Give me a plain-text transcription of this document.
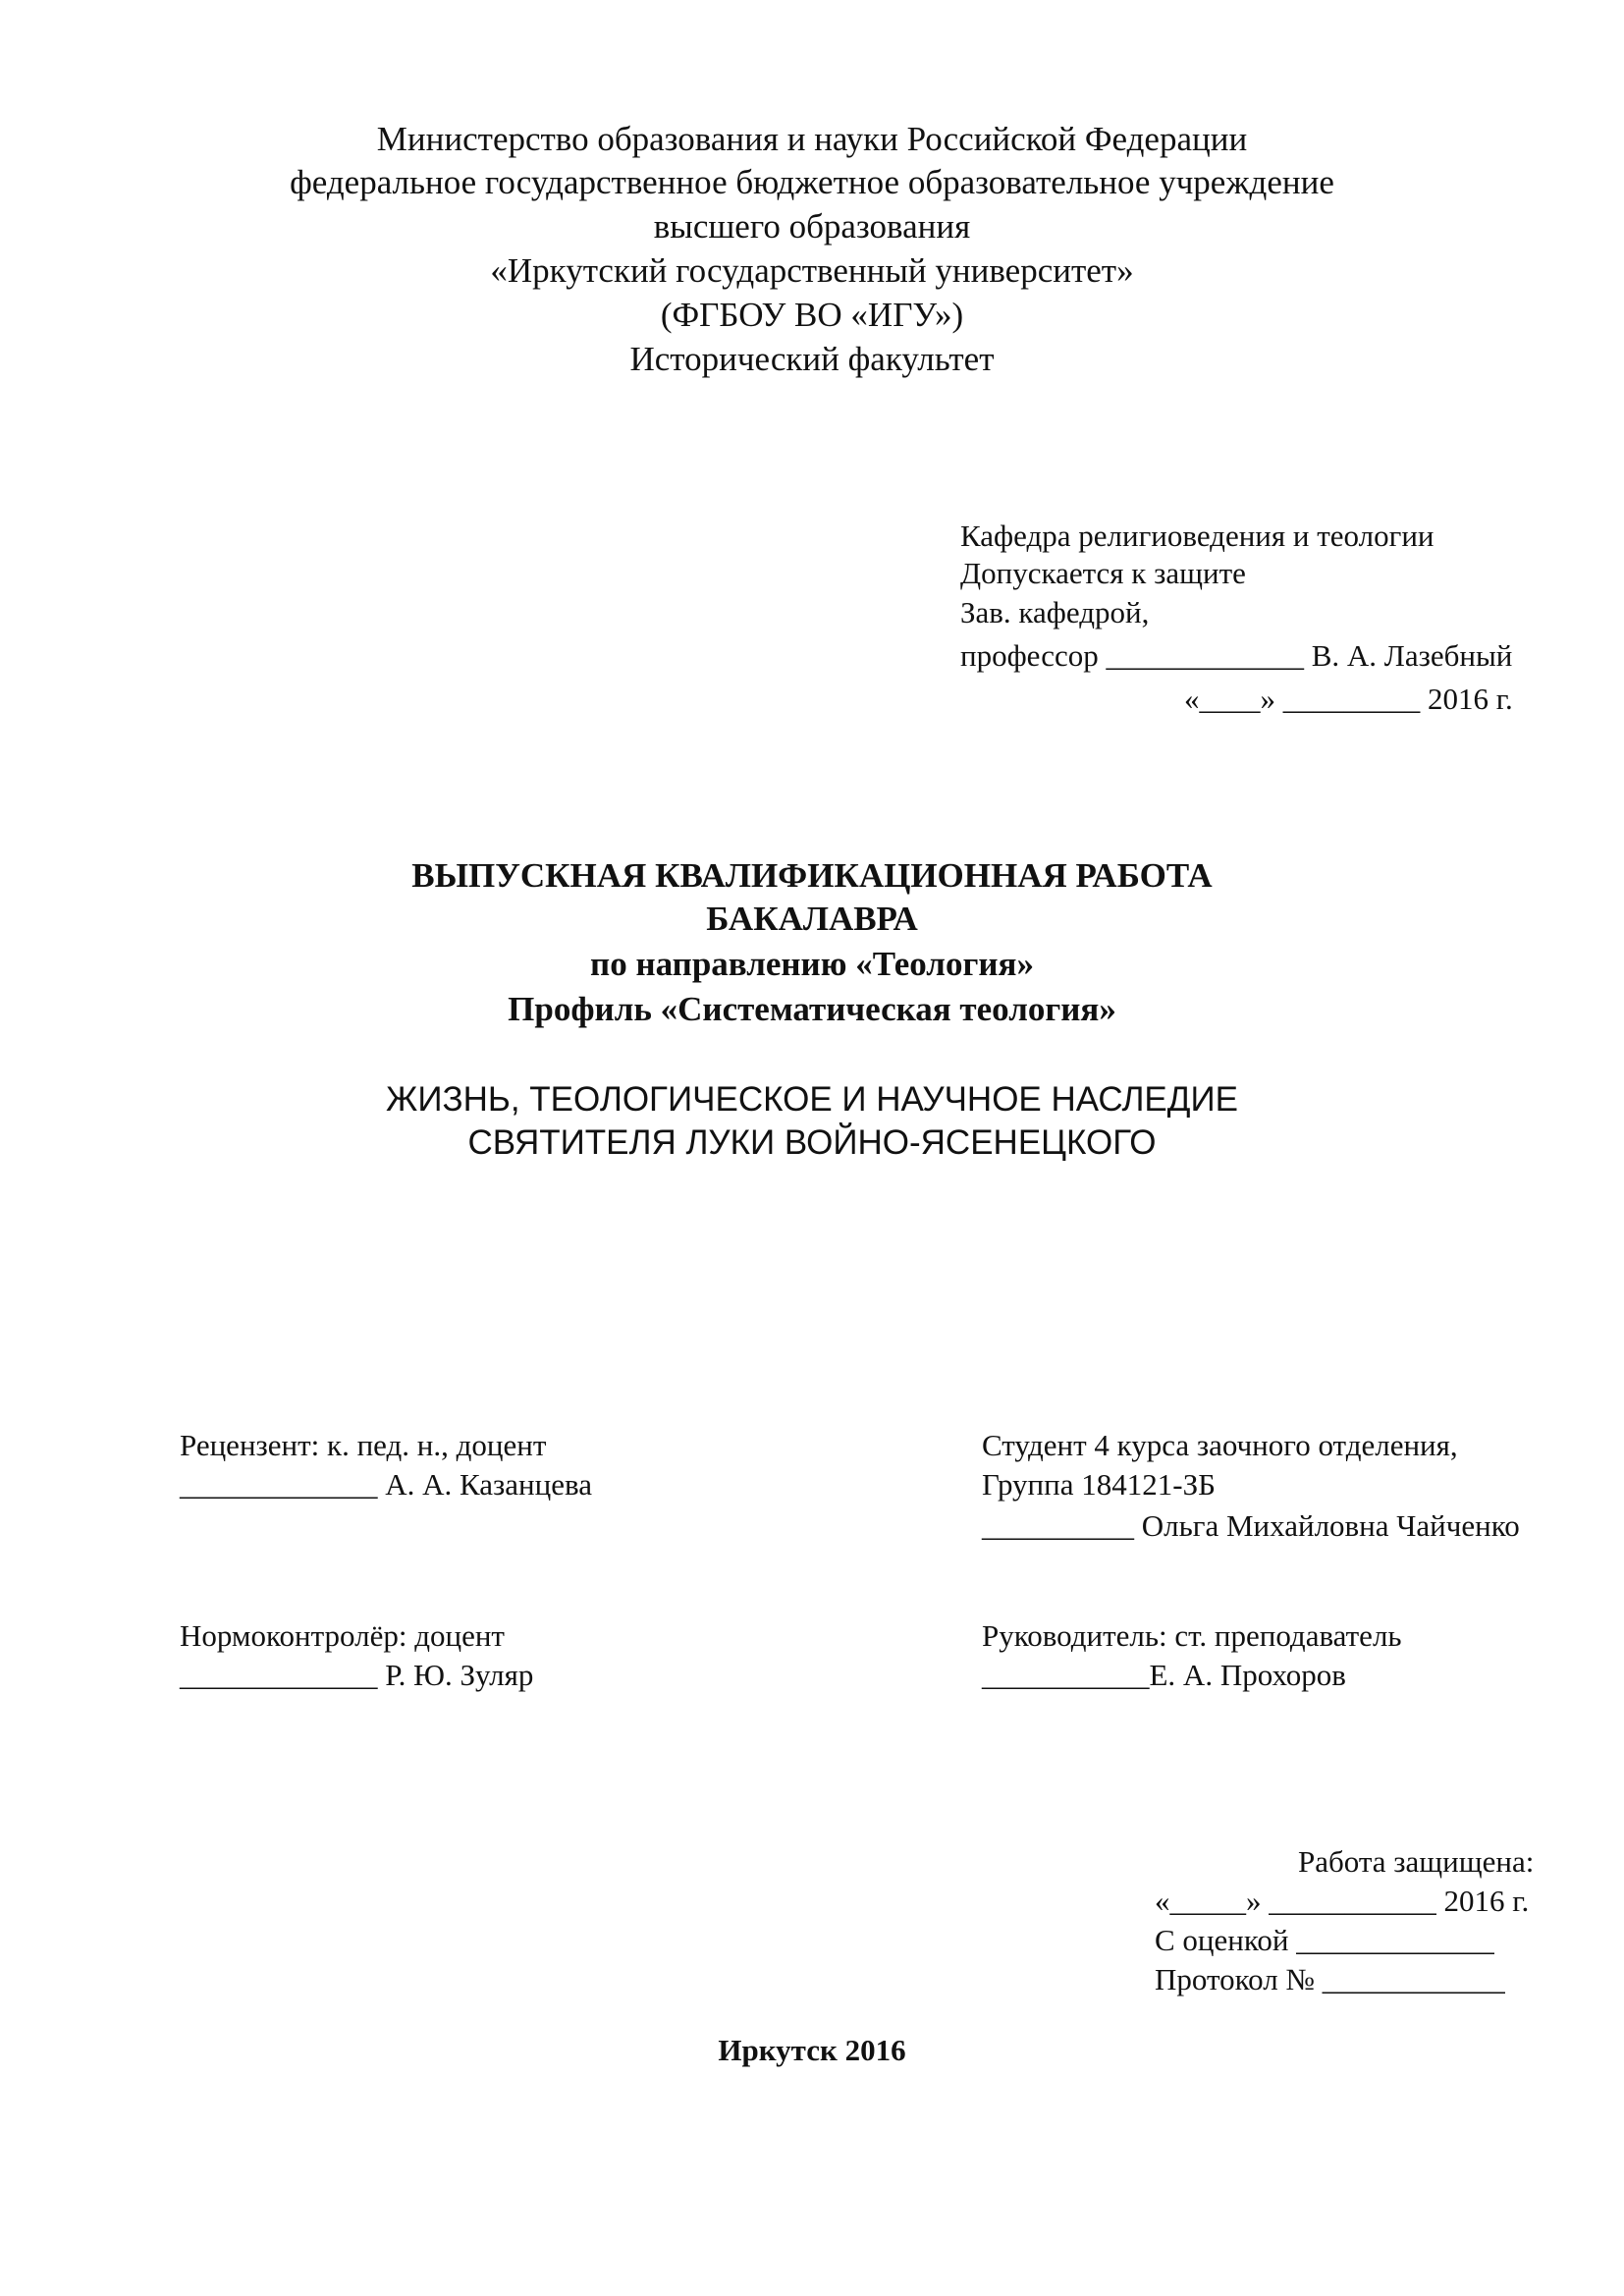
Министерство образования и науки Российской Федерации
федеральное государственное бюджетное образовательное учреждение
высшего образования
«Иркутский государственный университет»
(ФГБОУ ВО «ИГУ»)
Исторический факультет
Кафедра религиоведения и теологии
Допускается к защите
Зав. кафедрой,
профессор _____________ В. А. Лазебный
«____» _________ 2016 г.
ВЫПУСКНАЯ КВАЛИФИКАЦИОННАЯ РАБОТА
БАКАЛАВРА
по направлению «Теология»
Профиль «Систематическая теология»
ЖИЗНЬ, ТЕОЛОГИЧЕСКОЕ И НАУЧНОЕ НАСЛЕДИЕ
СВЯТИТЕЛЯ ЛУКИ ВОЙНО-ЯСЕНЕЦКОГО
Рецензент: к. пед. н., доцент
_____________ А. А. Казанцева
Студент 4 курса заочного отделения,
Группа 184121-ЗБ
__________ Ольга Михайловна Чайченко
Нормоконтролёр: доцент
_____________ Р. Ю. Зуляр
Руководитель: ст. преподаватель
___________Е. А. Прохоров
Работа защищена:
«_____» ___________ 2016 г.
С оценкой _____________
Протокол № ____________
Иркутск 2016
